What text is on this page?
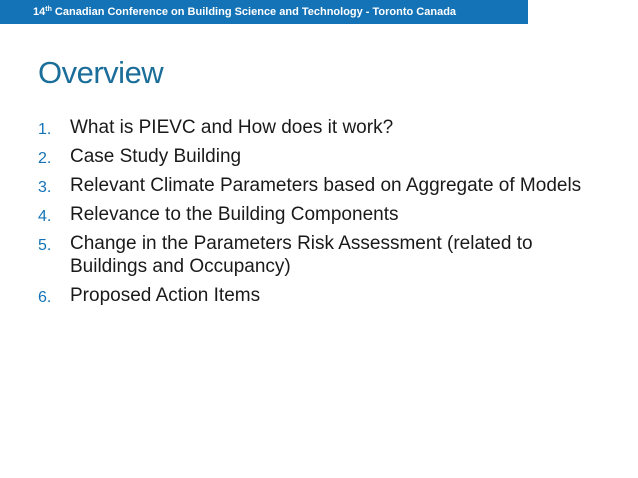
14th Canadian Conference on Building Science and Technology - Toronto Canada
Overview
1. What is PIEVC and How does it work?
2. Case Study Building
3. Relevant Climate Parameters based on Aggregate of Models
4. Relevance to the Building Components
5. Change in the Parameters Risk Assessment (related to Buildings and Occupancy)
6. Proposed Action Items
